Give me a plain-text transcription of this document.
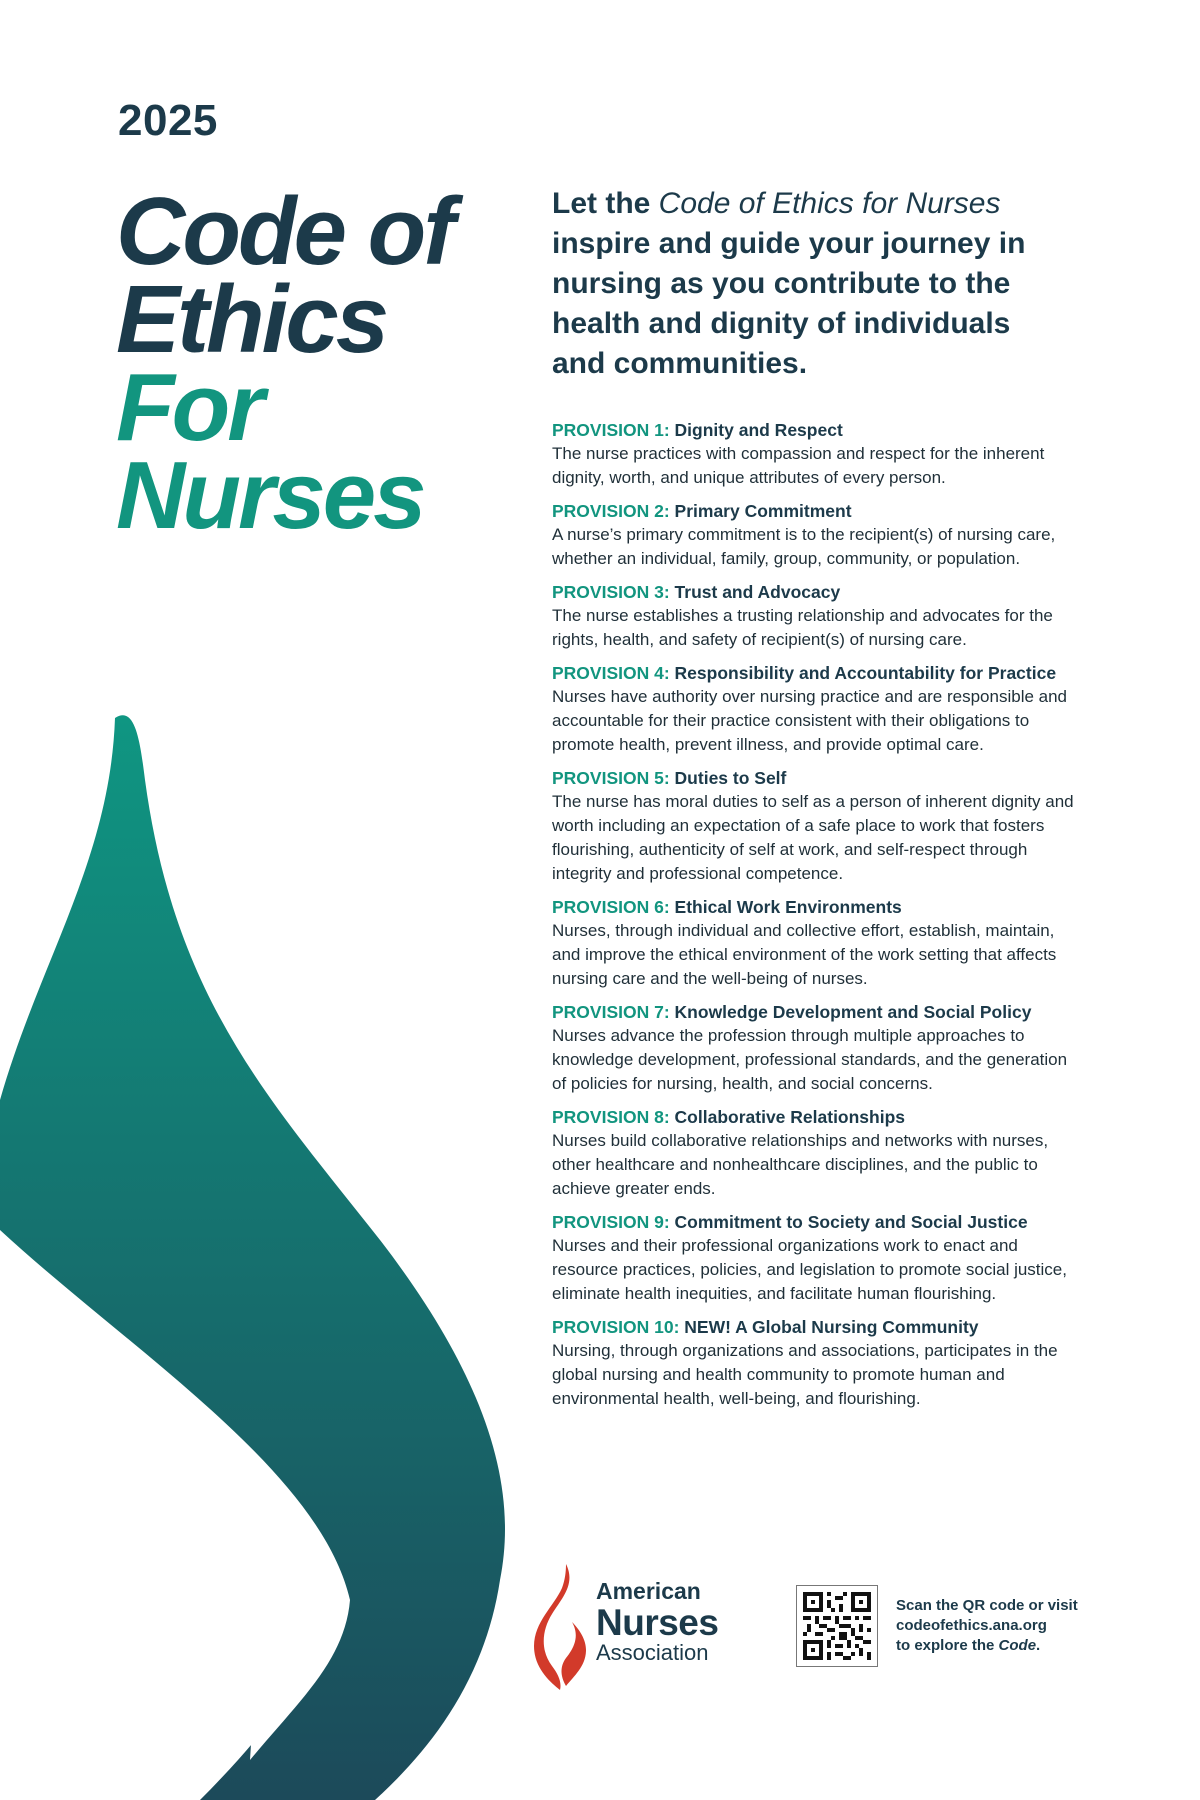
2025
Code of
Ethics
For
Nurses
Let the Code of Ethics for Nurses inspire and guide your journey in nursing as you contribute to the health and dignity of individuals and communities.
PROVISION 1: Dignity and Respect
The nurse practices with compassion and respect for the inherent dignity, worth, and unique attributes of every person.
PROVISION 2: Primary Commitment
A nurse’s primary commitment is to the recipient(s) of nursing care, whether an individual, family, group, community, or population.
PROVISION 3: Trust and Advocacy
The nurse establishes a trusting relationship and advocates for the rights, health, and safety of recipient(s) of nursing care.
PROVISION 4: Responsibility and Accountability for Practice
Nurses have authority over nursing practice and are responsible and accountable for their practice consistent with their obligations to promote health, prevent illness, and provide optimal care.
PROVISION 5: Duties to Self
The nurse has moral duties to self as a person of inherent dignity and worth including an expectation of a safe place to work that fosters flourishing, authenticity of self at work, and self-respect through integrity and professional competence.
PROVISION 6: Ethical Work Environments
Nurses, through individual and collective effort, establish, maintain, and improve the ethical environment of the work setting that affects nursing care and the well-being of nurses.
PROVISION 7: Knowledge Development and Social Policy
Nurses advance the profession through multiple approaches to knowledge development, professional standards, and the generation of policies for nursing, health, and social concerns.
PROVISION 8: Collaborative Relationships
Nurses build collaborative relationships and networks with nurses, other healthcare and nonhealthcare disciplines, and the public to achieve greater ends.
PROVISION 9: Commitment to Society and Social Justice
Nurses and their professional organizations work to enact and resource practices, policies, and legislation to promote social justice, eliminate health inequities, and facilitate human flourishing.
PROVISION 10: NEW! A Global Nursing Community
Nursing, through organizations and associations, participates in the global nursing and health community to promote human and environmental health, well-being, and flourishing.
American
Nurses
Association
Scan the QR code or visit
codeofethics.ana.org
to explore the Code.
